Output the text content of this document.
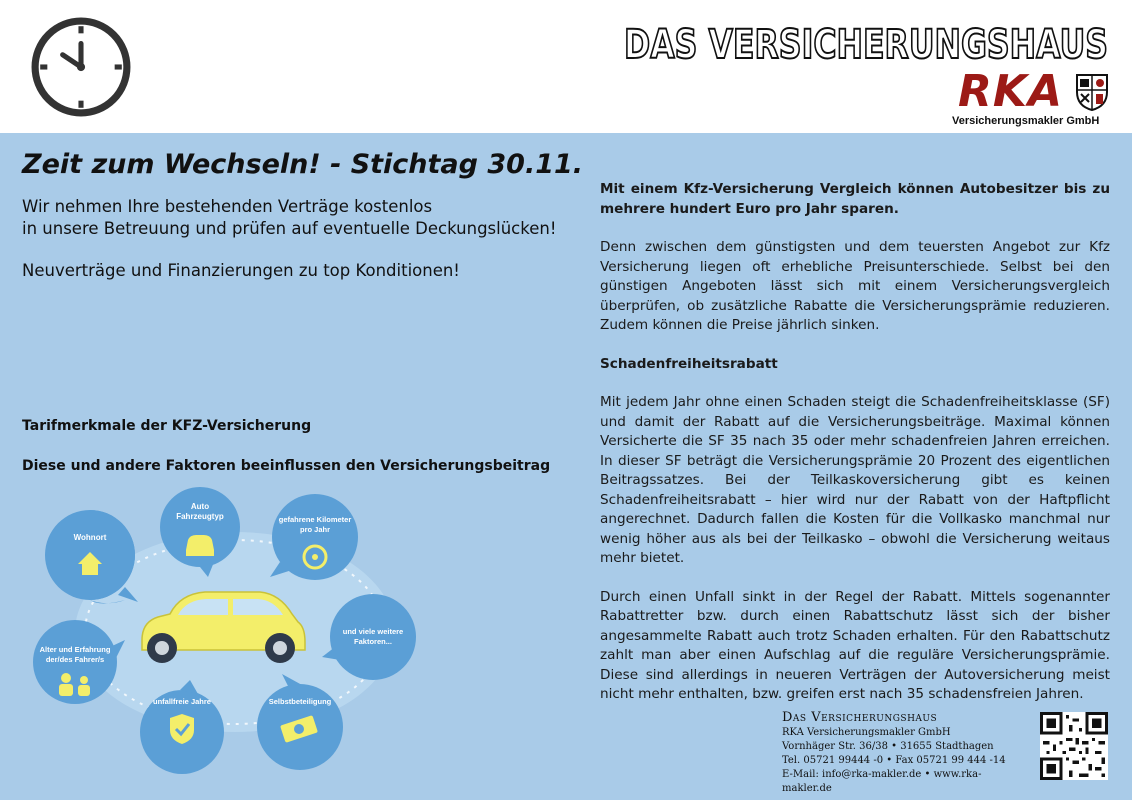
DAS VERSICHERUNGSHAUS
RKA
Versicherungsmakler GmbH
Zeit zum Wechseln! - Stichtag 30.11.

Wir nehmen Ihre bestehenden Verträge kostenlos
in unsere Betreuung und prüfen auf eventuelle Deckungslücken!

Neuverträge und Finanzierungen zu top Konditionen!

Tarifmerkmale der KFZ-Versicherung
Diese und andere Faktoren beeinflussen den Versicherungsbeitrag
Wohnort
Auto
Fahrzeugtyp	gefahrene Kilometer
pro Jahr
und viele weitere
Faktoren...
Alter und Erfahrung
der/des Fahrer/s
unfallfreie Jahre	Selbstbeteiligung

Mit einem Kfz-Versicherung Vergleich können Autobesitzer bis zu mehrere hundert Euro pro Jahr sparen.

Denn zwischen dem günstigsten und dem teuersten Angebot zur Kfz Versicherung liegen oft erhebliche Preisunterschiede. Selbst bei den günstigen Angeboten lässt sich mit einem Versicherungsvergleich überprüfen, ob zusätzliche Rabatte die Versicherungsprämie reduzieren. Zudem können die Preise jährlich sinken.

Schadenfreiheitsrabatt

Mit jedem Jahr ohne einen Schaden steigt die Schadenfreiheitsklasse (SF) und damit der Rabatt auf die Versicherungsbeiträge. Maximal können Versicherte die SF 35 nach 35 oder mehr schadenfreien Jahren erreichen. In dieser SF beträgt die Versicherungsprämie 20 Prozent des eigentlichen Beitragssatzes. Bei der Teilkaskoversicherung gibt es keinen Schadenfreiheitsrabatt – hier wird nur der Rabatt von der Haftpflicht angerechnet. Dadurch fallen die Kosten für die Vollkasko manchmal nur wenig höher aus als bei der Teilkasko – obwohl die Versicherung weitaus mehr bietet.

Durch einen Unfall sinkt in der Regel der Rabatt. Mittels sogenannter Rabattretter bzw. durch einen Rabattschutz lässt sich der bisher angesammelte Rabatt auch trotz Schaden erhalten. Für den Rabattschutz zahlt man aber einen Aufschlag auf die reguläre Versicherungsprämie. Diese sind allerdings in neueren Verträgen der Autoversicherung meist nicht mehr enthalten, bzw. greifen erst nach 35 schadensfreien Jahren.

Das Versicherungshaus
RKA Versicherungsmakler GmbH
Vornhäger Str. 36/38 • 31655 Stadthagen
Tel. 05721 99444 -0 • Fax 05721 99 444 -14
E-Mail: info@rka-makler.de • www.rka-makler.de
